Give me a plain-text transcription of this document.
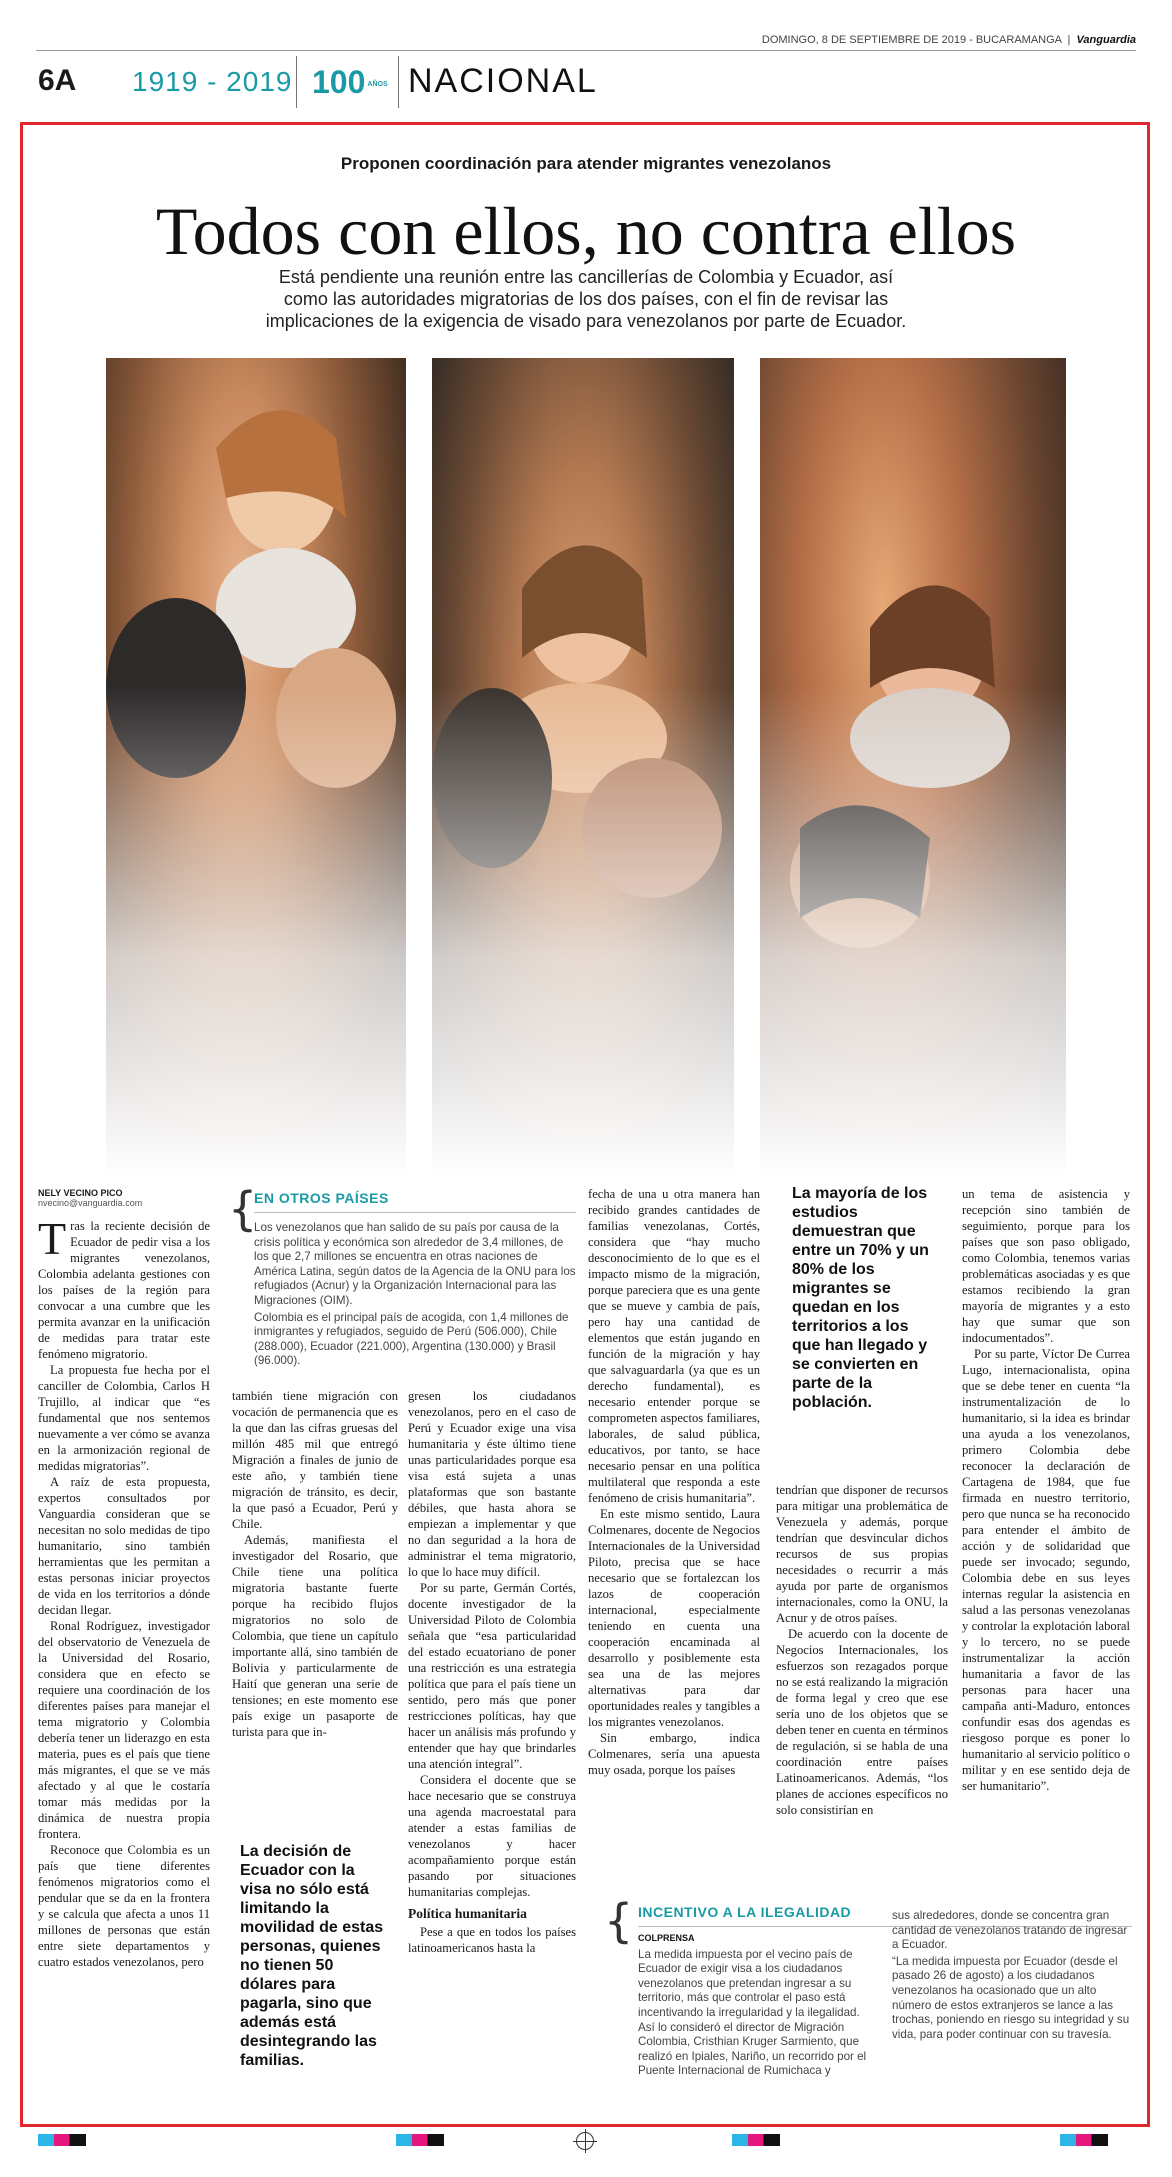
DOMINGO, 8 DE SEPTIEMBRE DE 2019 - BUCARAMANGA  |  Vanguardia
6A 1919 - 2019 100 AÑOS NACIONAL
Proponen coordinación para atender migrantes venezolanos
Todos con ellos, no contra ellos
Está pendiente una reunión entre las cancillerías de Colombia y Ecuador, así como las autoridades migratorias de los dos países, con el fin de revisar las implicaciones de la exigencia de visado para venezolanos por parte de Ecuador.
NELY VECINO PICO
nvecino@vanguardia.com

Tras la reciente decisión de Ecuador de pedir visa a los migrantes venezolanos, Colombia adelanta gestiones con los países de la región para convocar a una cumbre que les permita avanzar en la unificación de medidas para tratar este fenómeno migratorio.

La propuesta fue hecha por el canciller de Colombia, Carlos H Trujillo, al indicar que “es fundamental que nos sentemos nuevamente a ver cómo se avanza en la armonización regional de medidas migratorias”.

A raíz de esta propuesta, expertos consultados por Vanguardia consideran que se necesitan no solo medidas de tipo humanitario, sino también herramientas que les permitan a estas personas iniciar proyectos de vida en los territorios a dónde decidan llegar.

Ronal Rodríguez, investigador del observatorio de Venezuela de la Universidad del Rosario, considera que en efecto se requiere una coordinación de los diferentes países para manejar el tema migratorio y Colombia debería tener un liderazgo en esta materia, pues es el país que tiene más migrantes, el que se ve más afectado y al que le costaría tomar más medidas por la dinámica de nuestra propia frontera.

Reconoce que Colombia es un país que tiene diferentes fenómenos migratorios como el pendular que se da en la frontera y se calcula que afecta a unos 11 millones de personas que están entre siete departamentos y cuatro estados venezolanos, pero

{
EN OTROS PAÍSES

Los venezolanos que han salido de su país por causa de la crisis política y económica son alrededor de 3,4 millones, de los que 2,7 millones se encuentra en otras naciones de América Latina, según datos de la Agencia de la ONU para los refugiados (Acnur) y la Organización Internacional para las Migraciones (OIM).

Colombia es el principal país de acogida, con 1,4 millones de inmigrantes y refugiados, seguido de Perú (506.000), Chile (288.000), Ecuador (221.000), Argentina (130.000) y Brasil (96.000).

también tiene migración con vocación de permanencia que es la que dan las cifras gruesas del millón 485 mil que entregó Migración a finales de junio de este año, y también tiene migración de tránsito, es decir, la que pasó a Ecuador, Perú y Chile.

Además, manifiesta el investigador del Rosario, que Chile tiene una política migratoria bastante fuerte porque ha recibido flujos migratorios no solo de Colombia, que tiene un capítulo importante allá, sino también de Bolivia y particularmente de Haití que generan una serie de tensiones; en este momento ese país exige un pasaporte de turista para que in-

La decisión de Ecuador con la visa no sólo está limitando la movilidad de estas personas, quienes no tienen 50 dólares para pagarla, sino que además está desintegrando las familias.

gresen los ciudadanos venezolanos, pero en el caso de Perú y Ecuador exige una visa humanitaria y éste último tiene unas particularidades porque esa visa está sujeta a unas plataformas que son bastante débiles, que hasta ahora se empiezan a implementar y que no dan seguridad a la hora de administrar el tema migratorio, lo que lo hace muy difícil.

Por su parte, Germán Cortés, docente investigador de la Universidad Piloto de Colombia señala que “esa particularidad del estado ecuatoriano de poner una restricción es una estrategia política que para el país tiene un sentido, pero más que poner restricciones políticas, hay que hacer un análisis más profundo y entender que hay que brindarles una atención integral”.

Considera el docente que se hace necesario que se construya una agenda macroestatal para atender a estas familias de venezolanos y hacer acompañamiento porque están pasando por situaciones humanitarias complejas.

Política humanitaria

Pese a que en todos los países latinoamericanos hasta la

fecha de una u otra manera han recibido grandes cantidades de familias venezolanas, Cortés, considera que “hay mucho desconocimiento de lo que es el impacto mismo de la migración, porque pareciera que es una gente que se mueve y cambia de país, pero hay una cantidad de elementos que están jugando en función de la migración y hay que salvaguardarla (ya que es un derecho fundamental), es necesario entender porque se comprometen aspectos familiares, laborales, de salud pública, educativos, por tanto, se hace necesario pensar en una política multilateral que responda a este fenómeno de crisis humanitaria”.

En este mismo sentido, Laura Colmenares, docente de Negocios Internacionales de la Universidad Piloto, precisa que se hace necesario que se fortalezcan los lazos de cooperación internacional, especialmente teniendo en cuenta una cooperación encaminada al desarrollo y posiblemente esta sea una de las mejores alternativas para dar oportunidades reales y tangibles a los migrantes venezolanos.

Sin embargo, indica Colmenares, sería una apuesta muy osada, porque los países

La mayoría de los estudios demuestran que entre un 70% y un 80% de los migrantes se quedan en los territorios a los que han llegado y se convierten en parte de la población.

tendrían que disponer de recursos para mitigar una problemática de Venezuela y además, porque tendrían que desvincular dichos recursos de sus propias necesidades o recurrir a más ayuda por parte de organismos internacionales, como la ONU, la Acnur y de otros países.

De acuerdo con la docente de Negocios Internacionales, los esfuerzos son rezagados porque no se está realizando la migración de forma legal y creo que ese sería uno de los objetos que se deben tener en cuenta en términos de regulación, si se habla de una coordinación entre países Latinoamericanos. Además, “los planes de acciones específicos no solo consistirían en

un tema de asistencia y recepción sino también de seguimiento, porque para los países que son paso obligado, como Colombia, tenemos varias problemáticas asociadas y es que estamos recibiendo la gran mayoría de migrantes y a esto hay que sumar que son indocumentados”.

Por su parte, Víctor De Currea Lugo, internacionalista, opina que se debe tener en cuenta “la instrumentalización de lo humanitario, si la idea es brindar una ayuda a los venezolanos, primero Colombia debe reconocer la declaración de Cartagena de 1984, que fue firmada en nuestro territorio, pero que nunca se ha reconocido para entender el ámbito de acción y de solidaridad que puede ser invocado; segundo, Colombia debe en sus leyes internas regular la asistencia en salud a las personas venezolanas y controlar la explotación laboral y lo tercero, no se puede instrumentalizar la acción humanitaria a favor de las personas para hacer una campaña anti-Maduro, entonces confundir esas dos agendas es riesgoso porque es poner lo humanitario al servicio político o militar y en ese sentido deja de ser humanitario”.

{ INCENTIVO A LA ILEGALIDAD
COLPRENSA

La medida impuesta por el vecino país de Ecuador de exigir visa a los ciudadanos venezolanos que pretendan ingresar a su territorio, más que controlar el paso está incentivando la irregularidad y la ilegalidad. Así lo consideró el director de Migración Colombia, Cristhian Kruger Sarmiento, que realizó en Ipiales, Nariño, un recorrido por el Puente Internacional de Rumichaca y

sus alrededores, donde se concentra gran cantidad de venezolanos tratando de ingresar a Ecuador.

“La medida impuesta por Ecuador (desde el pasado 26 de agosto) a los ciudadanos venezolanos ha ocasionado que un alto número de estos extranjeros se lance a las trochas, poniendo en riesgo su integridad y su vida, para poder continuar con su travesía.
